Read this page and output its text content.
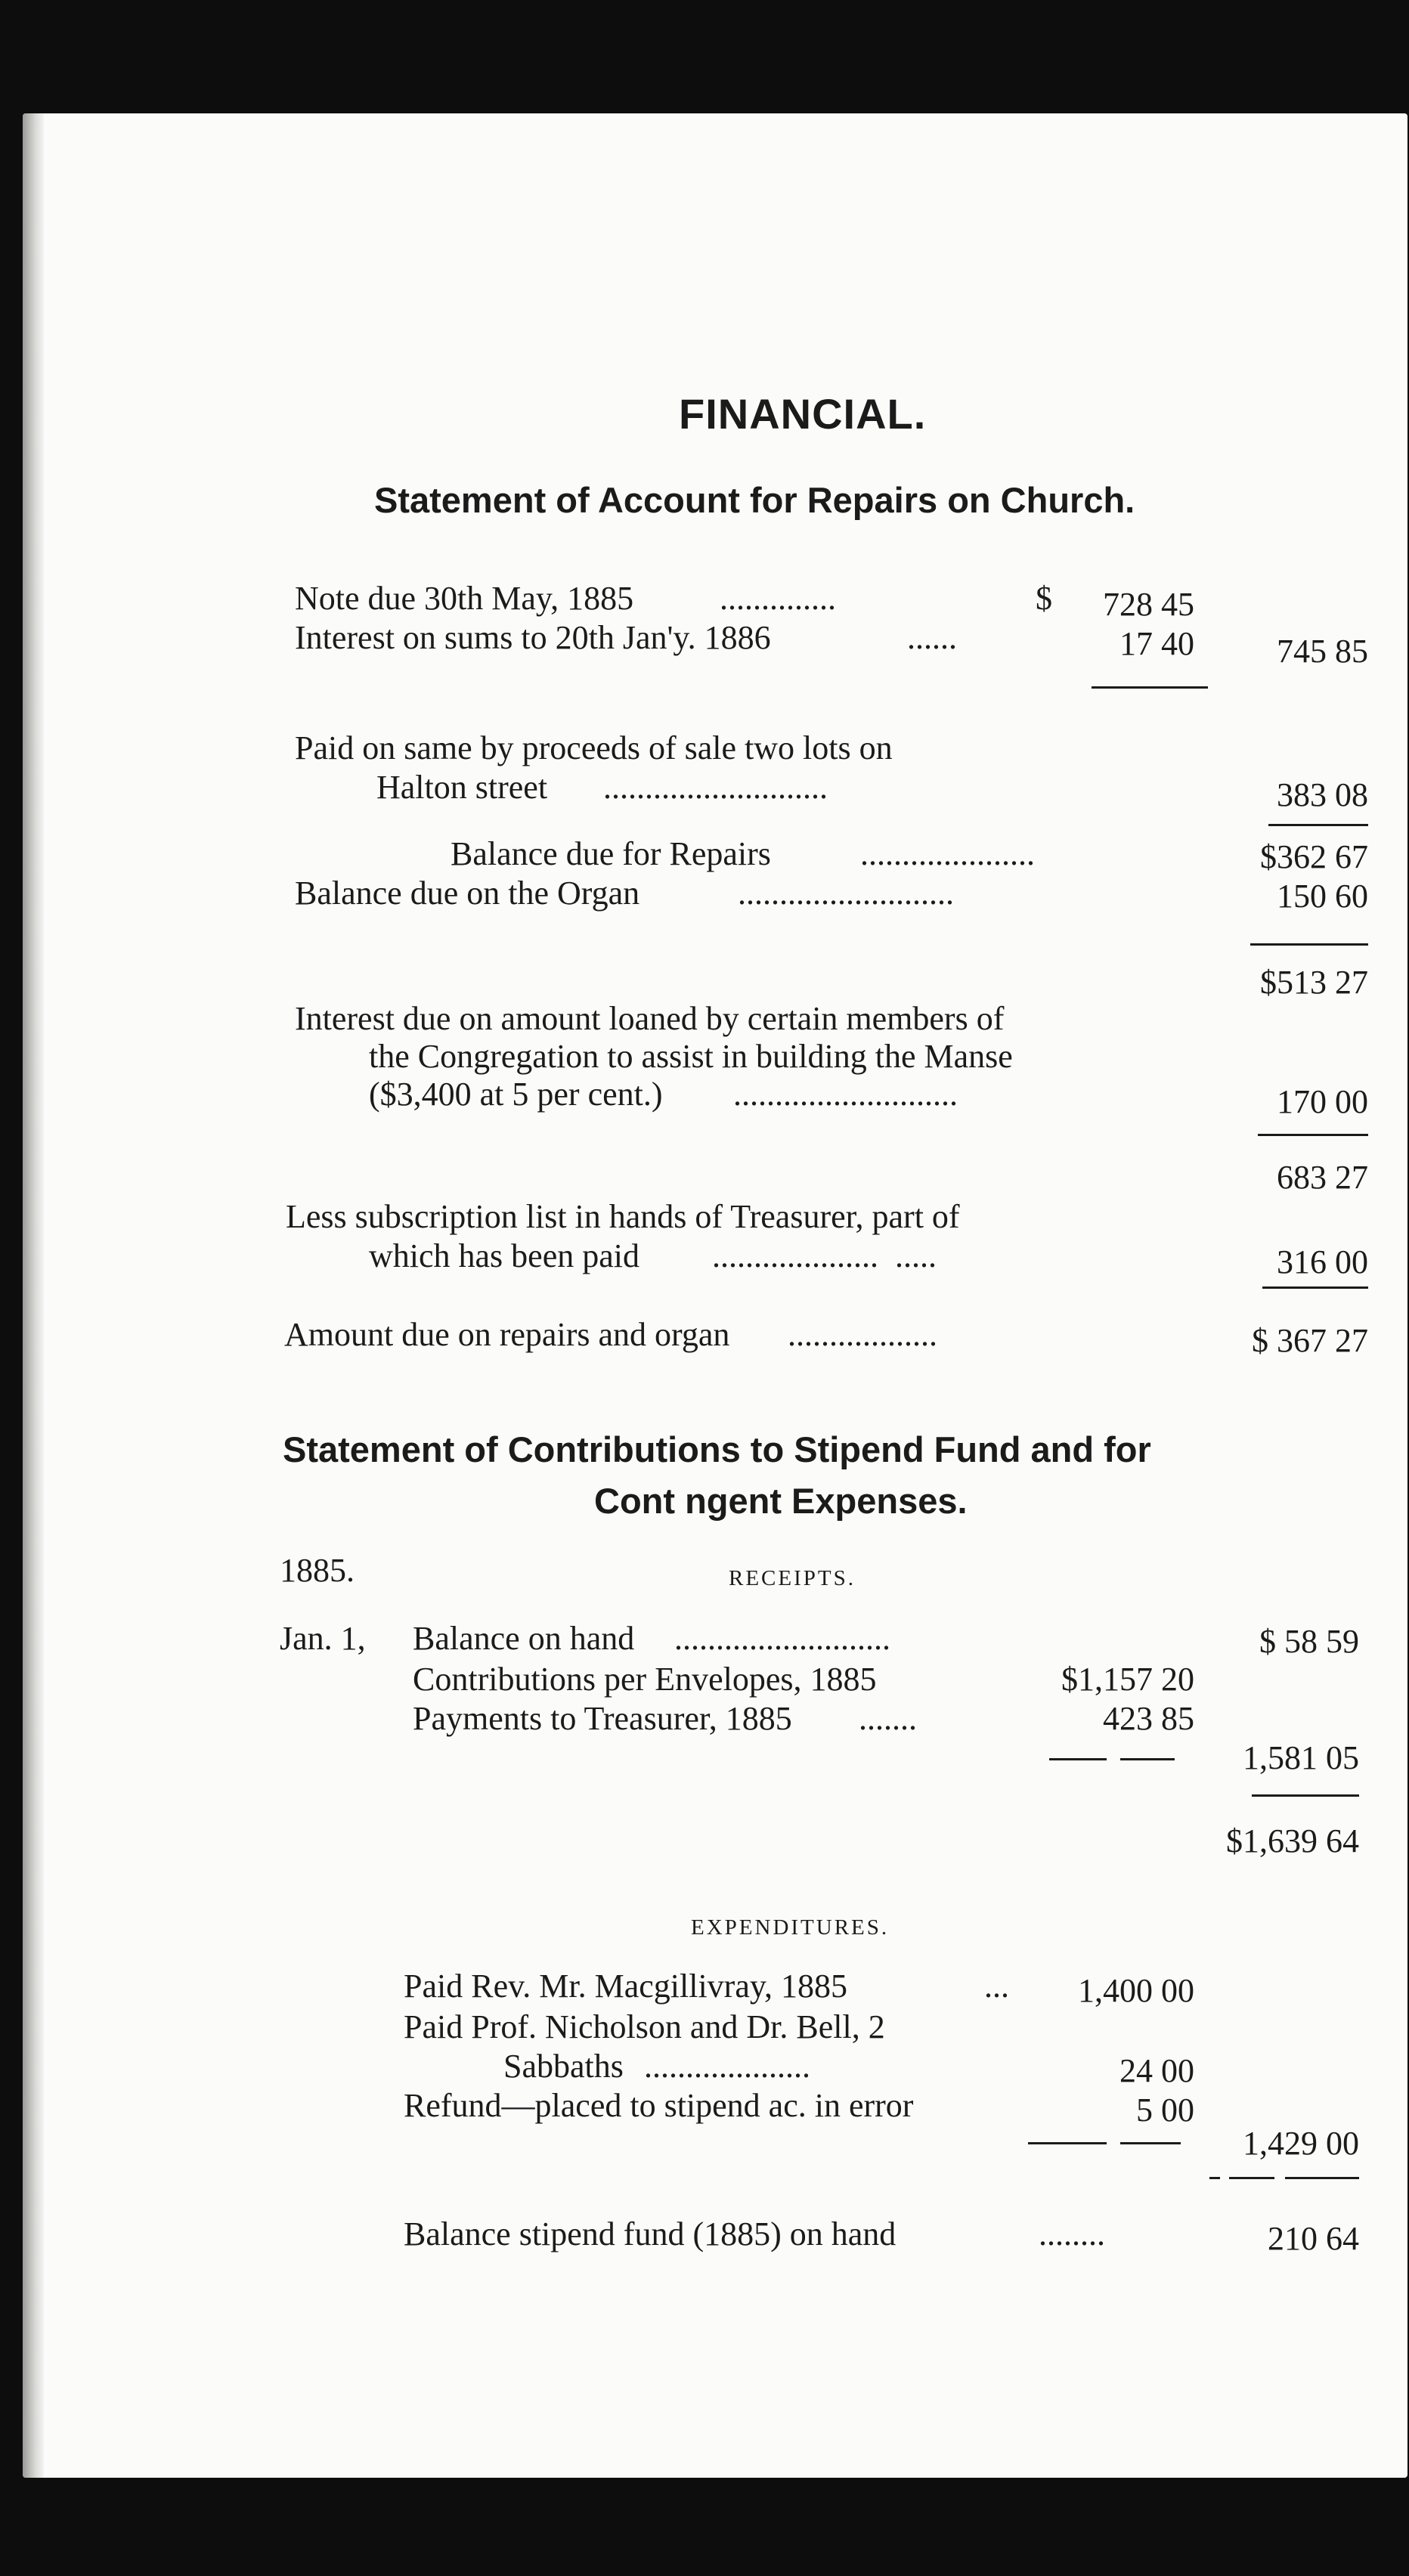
FINANCIAL.
Statement of Account for Repairs on Church.
Note due 30th May, 1885	..............	$	728 45
Interest on sums to 20th Jan'y. 1886	......	17 40	745 85
Paid on same by proceeds of sale two lots on
Halton street ...........................	383 08
Balance due for Repairs	.....................	$362 67
Balance due on the Organ	..........................	150 60
$513 27
Interest due on amount loaned by certain members of
the Congregation to assist in building the Manse
($3,400 at 5 per cent.) ...........................	170 00
683 27
Less subscription list in hands of Treasurer, part of
which has been paid ....................  .....	316 00
Amount due on repairs and organ ..................	$ 367 27
Statement of Contributions to Stipend Fund and for
Cont ngent Expenses.
1885.	RECEIPTS.
Jan. 1, Balance on hand ..........................	$ 58 59
Contributions per Envelopes, 1885	$1,157 20
Payments to Treasurer, 1885 .......	423 85
1,581 05
$1,639 64
EXPENDITURES.
Paid Rev. Mr. Macgillivray, 1885	...	1,400 00
Paid Prof. Nicholson and Dr. Bell, 2
Sabbaths ....................	24 00
Refund—placed to stipend ac. in error	5 00
1,429 00
Balance stipend fund (1885) on hand	........	210 64
